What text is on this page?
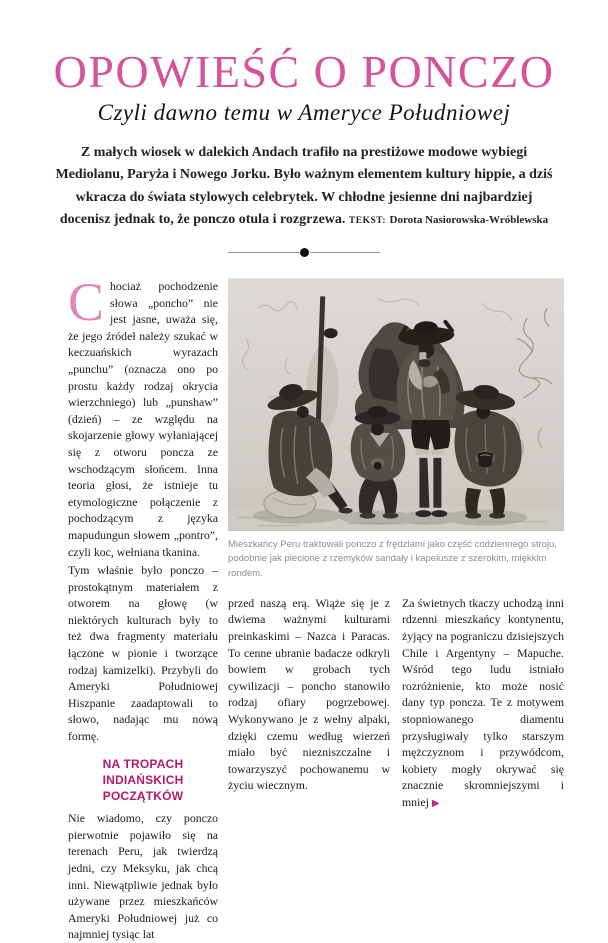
OPOWIEŚĆ O PONCZO
Czyli dawno temu w Ameryce Południowej

Z małych wiosek w dalekich Andach trafiło na prestiżowe modowe wybiegi Mediolanu, Paryża i Nowego Jorku. Było ważnym elementem kultury hippie, a dziś wkracza do świata stylowych celebrytek. W chłodne jesienne dni najbardziej docenisz jednak to, że ponczo otula i rozgrzewa. TEKST: Dorota Nasiorowska-Wróblewska

Chociaż pochodzenie słowa „poncho” nie jest jasne, uważa się, że jego źródeł należy szukać w keczuańskich wyrazach „punchu” (oznacza ono po prostu każdy rodzaj okrycia wierzchniego) lub „punshaw” (dzień) – ze względu na skojarzenie głowy wyłaniającej się z otworu poncza ze wschodzącym słońcem. Inna teoria głosi, że istnieje tu etymologiczne połączenie z pochodzącym z języka mapudungun słowem „pontro”, czyli koc, wełniana tkanina.

Tym właśnie było ponczo – prostokątnym materiałem z otworem na głowę (w niektórych kulturach były to też dwa fragmenty materiału łączone w pionie i tworzące rodzaj kamizelki). Przybyli do Ameryki Południowej Hiszpanie zaadaptowali to słowo, nadając mu nową formę.

NA TROPACH INDIAŃSKICH POCZĄTKÓW

Nie wiadomo, czy ponczo pierwotnie pojawiło się na terenach Peru, jak twierdzą jedni, czy Meksyku, jak chcą inni. Niewątpliwie jednak było używane przez mieszkańców Ameryki Południowej już co najmniej tysiąc lat

Mieszkańcy Peru traktowali ponczo z frędzlami jako część codziennego stroju, podobnie jak plecione z rzemyków sandały i kapelusze z szerokim, miękkim rondem.

przed naszą erą. Wiąże się je z dwiema ważnymi kulturami preinkaskimi – Nazca i Paracas. To cenne ubranie badacze odkryli bowiem w grobach tych cywilizacji – poncho stanowiło rodzaj ofiary pogrzebowej. Wykonywano je z wełny alpaki, dzięki czemu według wierzeń miało być niezniszczalne i towarzyszyć pochowanemu w życiu wiecznym.

Za świetnych tkaczy uchodzą inni rdzenni mieszkańcy kontynentu, żyjący na pograniczu dzisiejszych Chile i Argentyny – Mapuche. Wśród tego ludu istniało rozróżnienie, kto może nosić dany typ poncza. Te z motywem stopniowanego diamentu przysługiwały tylko starszym mężczyznom i przywódcom, kobiety mogły okrywać się znacznie skromniejszymi i mniej ▶
